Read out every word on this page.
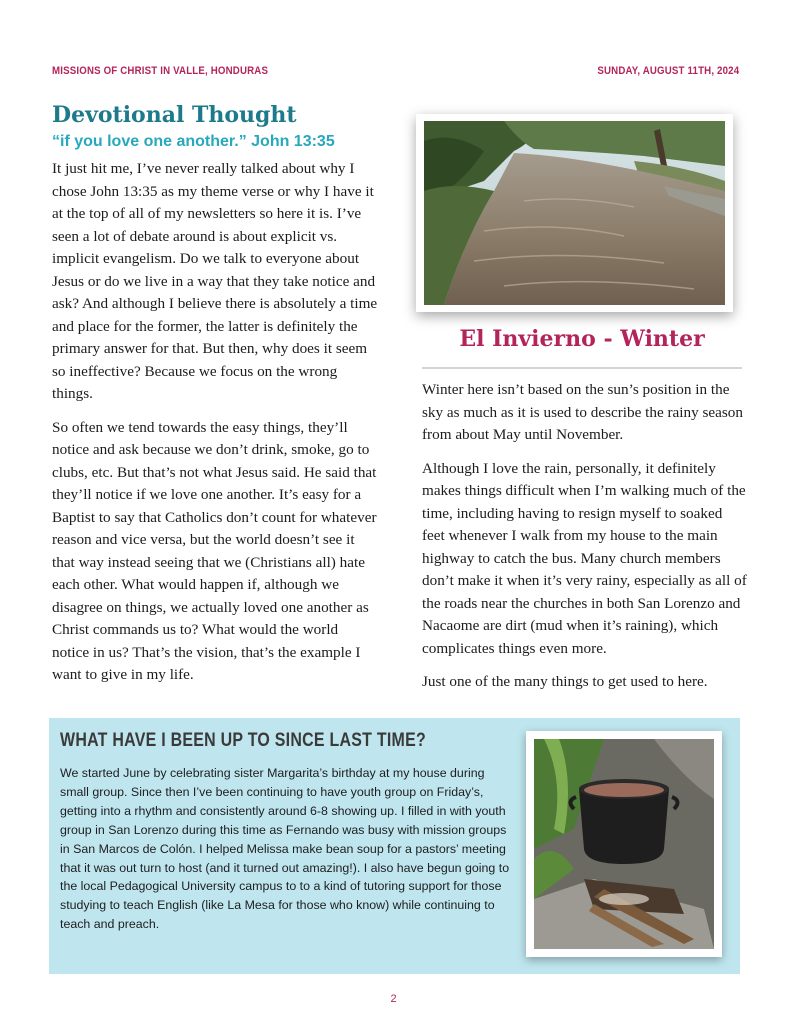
MISSIONS OF CHRIST IN VALLE, HONDURAS	SUNDAY, AUGUST 11TH, 2024
Devotional Thought
“if you love one another.” John 13:35

It just hit me, I’ve never really talked about why I chose John 13:35 as my theme verse or why I have it at the top of all of my newsletters so here it is. I’ve seen a lot of debate around is about explicit vs. implicit evangelism. Do we talk to everyone about Jesus or do we live in a way that they take notice and ask? And although I believe there is absolutely a time and place for the former, the latter is definitely the primary answer for that. But then, why does it seem so ineffective? Because we focus on the wrong things.

So often we tend towards the easy things, they’ll notice and ask because we don’t drink, smoke, go to clubs, etc. But that’s not what Jesus said. He said that they’ll notice if we love one another. It’s easy for a Baptist to say that Catholics don’t count for whatever reason and vice versa, but the world doesn’t see it that way instead seeing that we (Christians all) hate each other. What would happen if, although we disagree on things, we actually loved one another as Christ commands us to? What would the world notice in us? That’s the vision, that’s the example I want to give in my life.

El Invierno - Winter

Winter here isn’t based on the sun’s position in the sky as much as it is used to describe the rainy season from about May until November.

Although I love the rain, personally, it definitely makes things difficult when I’m walking much of the time, including having to resign myself to soaked feet whenever I walk from my house to the main highway to catch the bus. Many church members don’t make it when it’s very rainy, especially as all of the roads near the churches in both San Lorenzo and Nacaome are dirt (mud when it’s raining), which complicates things even more.

Just one of the many things to get used to here.

WHAT HAVE I BEEN UP TO SINCE LAST TIME?

We started June by celebrating sister Margarita’s birthday at my house during small group. Since then I’ve been continuing to have youth group on Friday’s, getting into a rhythm and consistently around 6-8 showing up. I filled in with youth group in San Lorenzo during this time as Fernando was busy with mission groups in San Marcos de Colón. I helped Melissa make bean soup for a pastors’ meeting that it was out turn to host (and it turned out amazing!). I also have begun going to the local Pedagogical University campus to to a kind of tutoring support for those studying to teach English (like La Mesa for those who know) while continuing to teach and preach.

2
